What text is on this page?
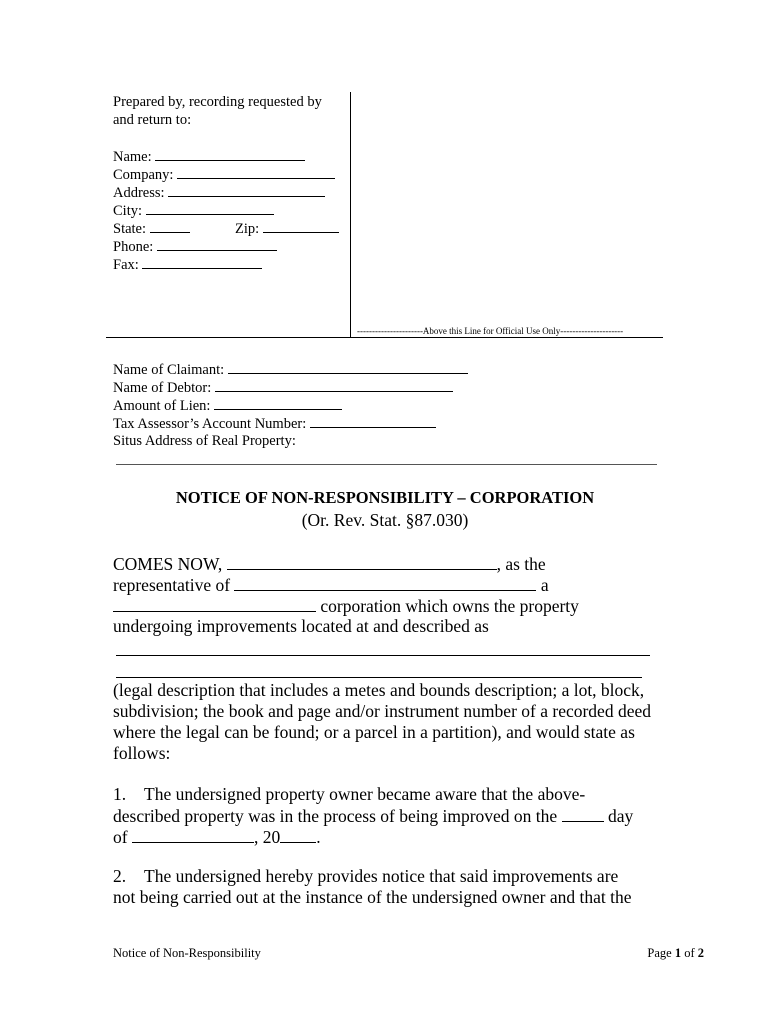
Prepared by, recording requested by
and return to:
Name:
Company:
Address:
City:
State:	Zip:
Phone:
Fax:
----------------------Above this Line for Official Use Only---------------------
Name of Claimant:
Name of Debtor:
Amount of Lien:
Tax Assessor’s Account Number:
Situs Address of Real Property:
NOTICE OF NON-RESPONSIBILITY – CORPORATION
(Or. Rev. Stat. §87.030)
COMES NOW,	, as the
representative of	a
corporation which owns the property
undergoing improvements located at and described as
(legal description that includes a metes and bounds description; a lot, block,
subdivision; the book and page and/or instrument number of a recorded deed
where the legal can be found; or a parcel in a partition), and would state as
follows:
1. The undersigned property owner became aware that the above-
described property was in the process of being improved on the  day
of	, 20 .
2. The undersigned hereby provides notice that said improvements are
not being carried out at the instance of the undersigned owner and that the
Notice of Non-Responsibility	Page 1 of 2
